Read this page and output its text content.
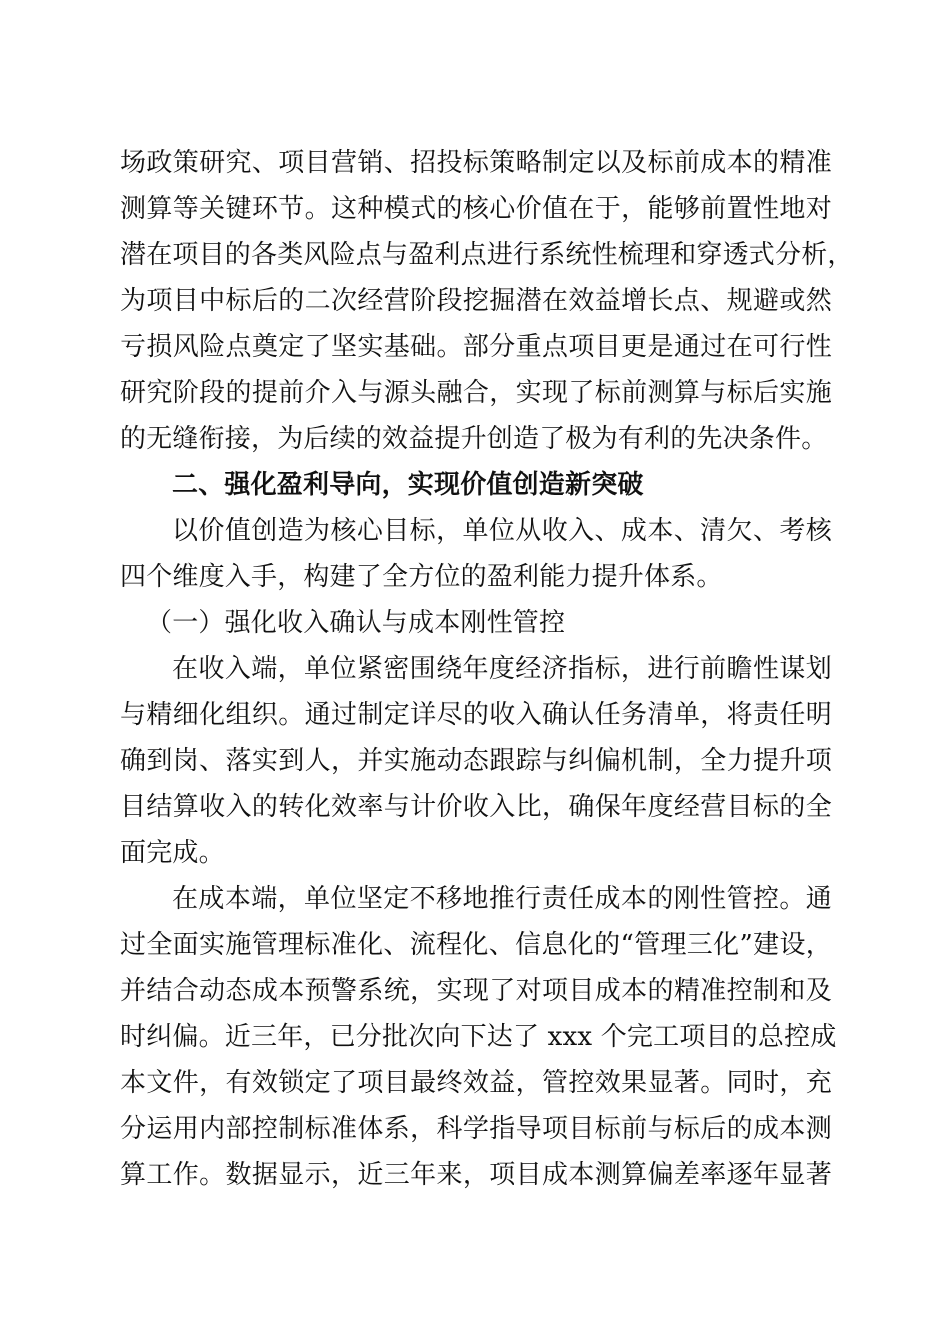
场政策研究、项目营销、招投标策略制定以及标前成本的精准
测算等关键环节。这种模式的核心价值在于，能够前置性地对
潜在项目的各类风险点与盈利点进行系统性梳理和穿透式分析，
为项目中标后的二次经营阶段挖掘潜在效益增长点、规避或然
亏损风险点奠定了坚实基础。部分重点项目更是通过在可行性
研究阶段的提前介入与源头融合，实现了标前测算与标后实施
的无缝衔接，为后续的效益提升创造了极为有利的先决条件。
二、强化盈利导向，实现价值创造新突破
以价值创造为核心目标，单位从收入、成本、清欠、考核
四个维度入手，构建了全方位的盈利能力提升体系。
（一）强化收入确认与成本刚性管控
在收入端，单位紧密围绕年度经济指标，进行前瞻性谋划
与精细化组织。通过制定详尽的收入确认任务清单，将责任明
确到岗、落实到人，并实施动态跟踪与纠偏机制，全力提升项
目结算收入的转化效率与计价收入比，确保年度经营目标的全
面完成。
在成本端，单位坚定不移地推行责任成本的刚性管控。通
过全面实施管理标准化、流程化、信息化的“管理三化”建设，
并结合动态成本预警系统，实现了对项目成本的精准控制和及
时纠偏。近三年，已分批次向下达了 xxx 个完工项目的总控成
本文件，有效锁定了项目最终效益，管控效果显著。同时，充
分运用内部控制标准体系，科学指导项目标前与标后的成本测
算工作。数据显示，近三年来，项目成本测算偏差率逐年显著
